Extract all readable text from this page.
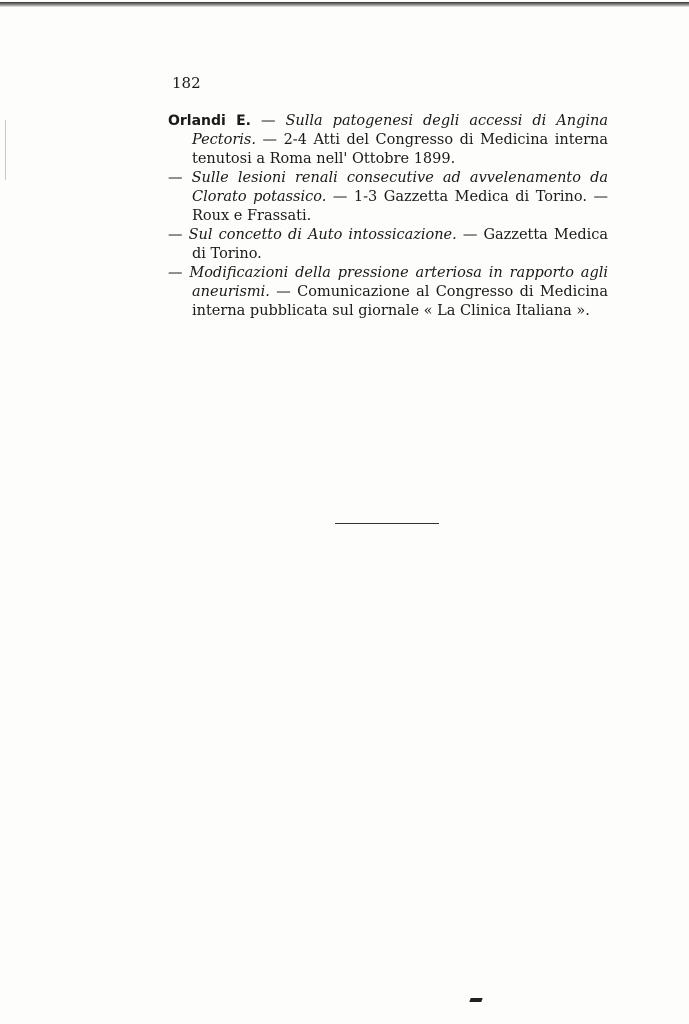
182

Orlandi E. — Sulla patogenesi degli accessi di Angina Pectoris. — 2-4 Atti del Congresso di Medicina interna tenutosi a Roma nell' Ottobre 1899.

— Sulle lesioni renali consecutive ad avvelenamento da Clorato potassico. — 1-3 Gazzetta Medica di Torino. — Roux e Frassati.

— Sul concetto di Auto intossicazione. — Gazzetta Medica di Torino.

— Modificazioni della pressione arteriosa in rapporto agli aneurismi. — Comunicazione al Congresso di Medicina interna pubblicata sul giornale « La Clinica Italiana ».
